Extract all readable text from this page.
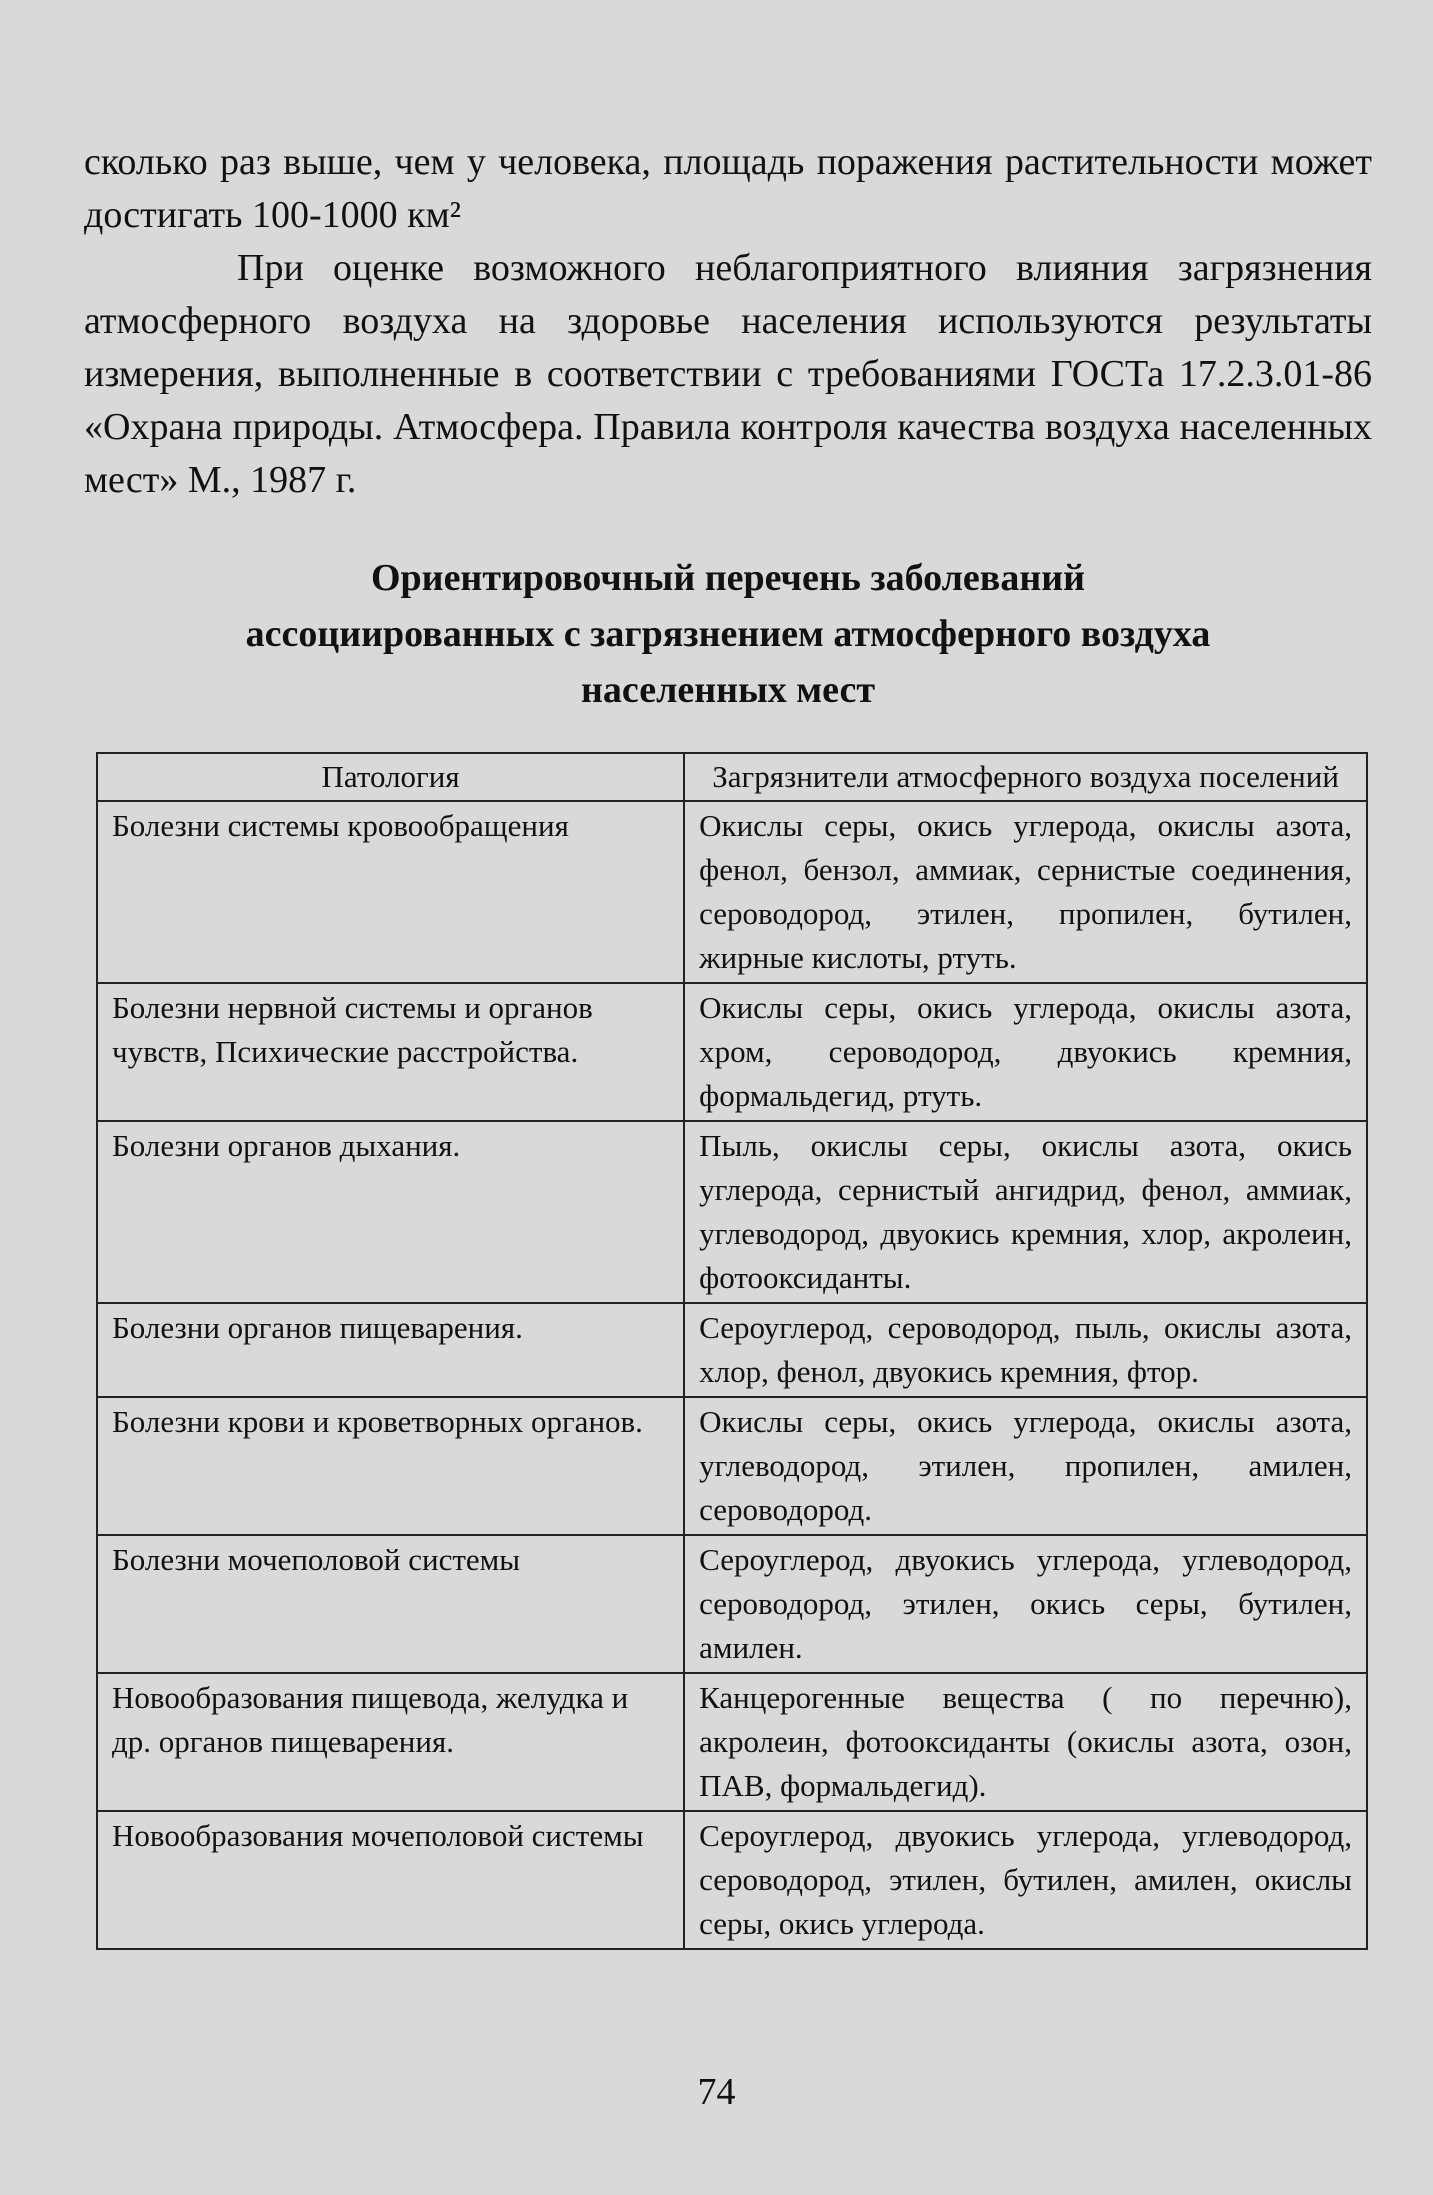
сколько раз выше, чем у человека, площадь поражения растительности может достигать 100-1000 км²

При оценке возможного неблагоприятного влияния загрязнения атмосферного воздуха на здоровье населения используются результаты измерения, выполненные в соответствии с требованиями ГОСТа 17.2.3.01-86 «Охрана природы. Атмосфера. Правила контроля качества воздуха населенных мест» М., 1987 г.

Ориентировочный перечень заболеваний
ассоциированных с загрязнением атмосферного воздуха
населенных мест
Патология	Загрязнители атмосферного воздуха поселений
Болезни системы кровообращения	Окислы серы, окись углерода, окислы азота, фенол, бензол, аммиак, сернистые соединения, сероводород, этилен, пропилен, бутилен, жирные кислоты, ртуть.
Болезни нервной системы и органов чувств, Психические расстройства.	Окислы серы, окись углерода, окислы азота, хром, сероводород, двуокись кремния, формальдегид, ртуть.
Болезни органов дыхания.	Пыль, окислы серы, окислы азота, окись углерода, сернистый ангидрид, фенол, аммиак, углеводород, двуокись кремния, хлор, акролеин, фотооксиданты.
Болезни органов пищеварения.	Сероуглерод, сероводород, пыль, окислы азота, хлор, фенол, двуокись кремния, фтор.
Болезни крови и кроветворных органов.	Окислы серы, окись углерода, окислы азота, углеводород, этилен, пропилен, амилен, сероводород.
Болезни мочеполовой системы	Сероуглерод, двуокись углерода, углеводород, сероводород, этилен, окись серы, бутилен, амилен.
Новообразования пищевода, желудка и др. органов пищеварения.	Канцерогенные вещества ( по перечню), акролеин, фотооксиданты (окислы азота, озон, ПАВ, формальдегид).
Новообразования мочеполовой системы	Сероуглерод, двуокись углерода, углеводород, сероводород, этилен, бутилен, амилен, окислы серы, окись углерода.
74
